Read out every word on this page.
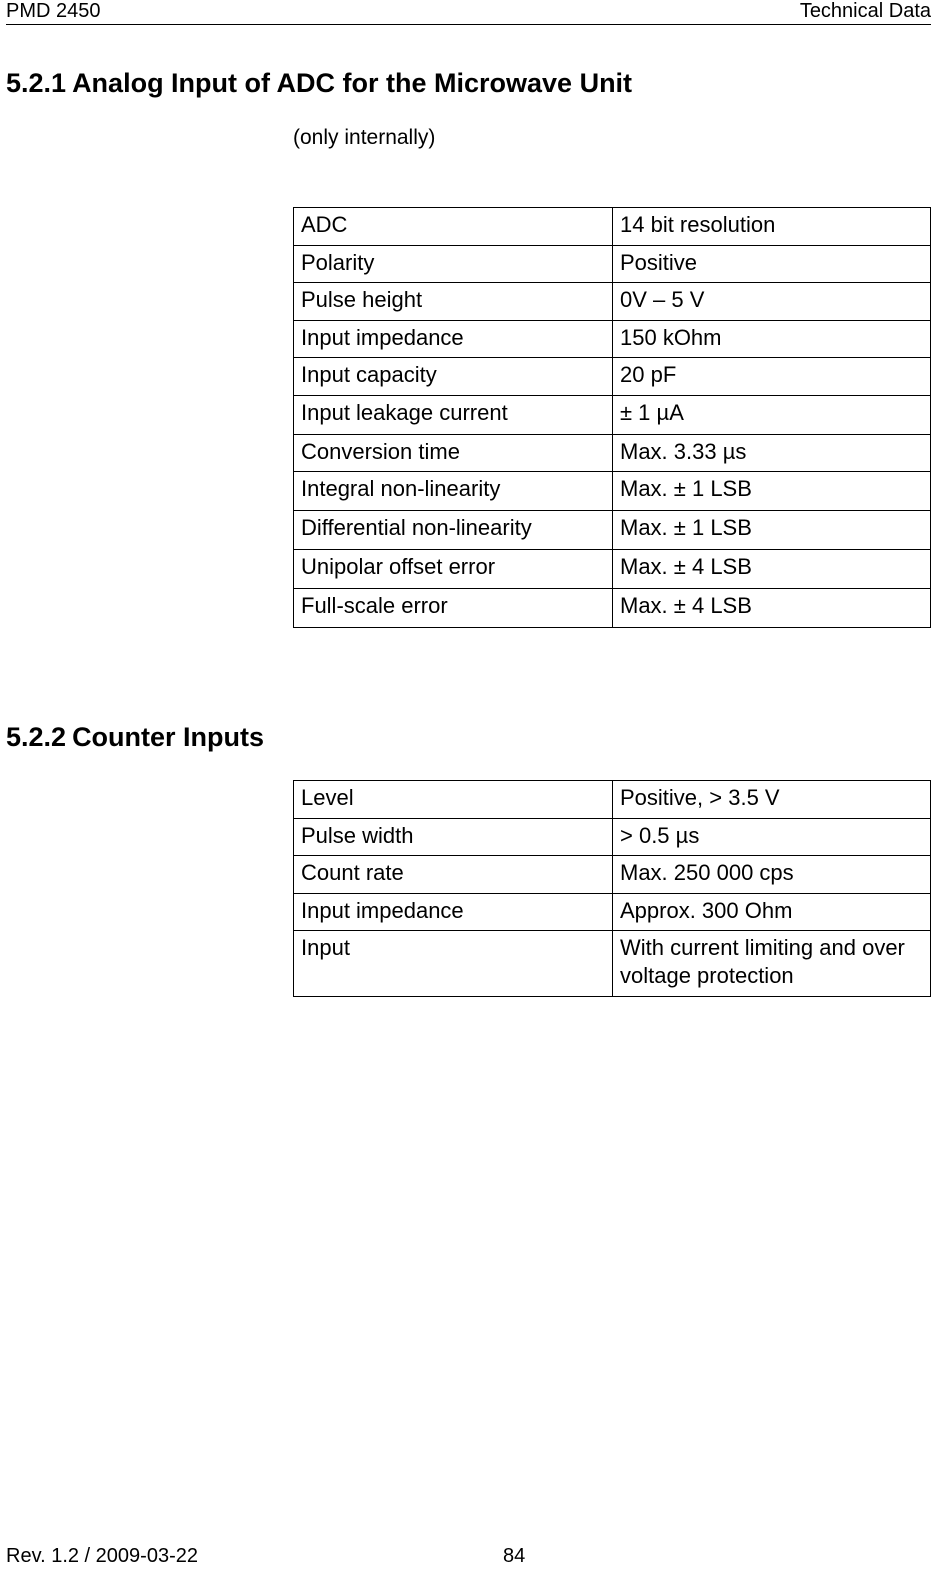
PMD 2450	Technical Data
5.2.1 Analog Input of ADC for the Microwave Unit
(only internally)
ADC	14 bit resolution
Polarity	Positive
Pulse height	0V – 5 V
Input impedance	150 kOhm
Input capacity	20 pF
Input leakage current	± 1 µA
Conversion time	Max. 3.33 µs
Integral non-linearity	Max. ± 1 LSB
Differential non-linearity	Max. ± 1 LSB
Unipolar offset error	Max. ± 4 LSB
Full-scale error	Max. ± 4 LSB
5.2.2 Counter Inputs
Level	Positive, > 3.5 V
Pulse width	> 0.5 µs
Count rate	Max. 250 000 cps
Input impedance	Approx. 300 Ohm
Input	With current limiting and over voltage protection
Rev. 1.2 / 2009-03-22	84
